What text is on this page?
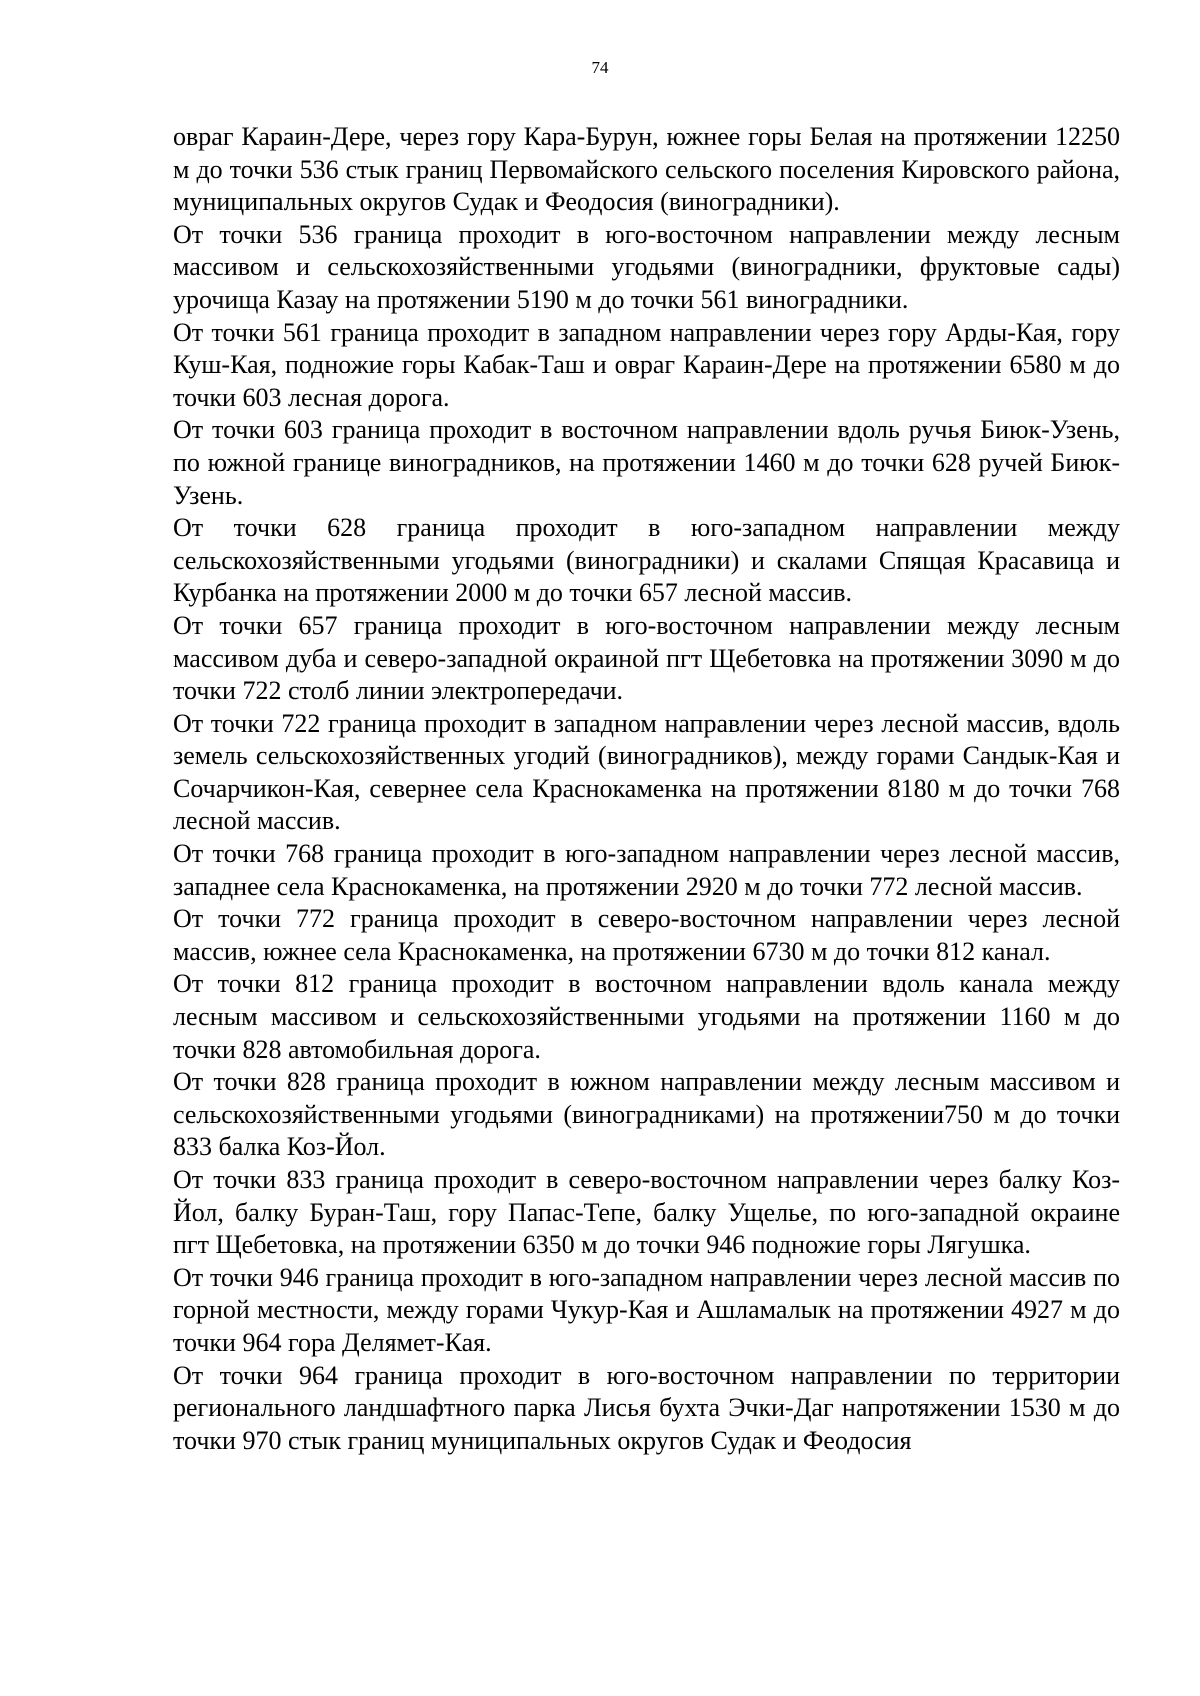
74

овраг Караин-Дере, через гору Кара-Бурун, южнее горы Белая на протяжении 12250 м до точки 536 стык границ Первомайского сельского поселения Кировского района, муниципальных округов Судак и Феодосия (виноградники).

От точки 536 граница проходит в юго-восточном направлении между лесным массивом и сельскохозяйственными угодьями (виноградники, фруктовые сады) урочища Казау на протяжении 5190 м до точки 561 виноградники.

От точки 561 граница проходит в западном направлении через гору Арды-Кая, гору Куш-Кая, подножие горы Кабак-Таш и овраг Караин-Дере на протяжении 6580 м до точки 603 лесная дорога.

От точки 603 граница проходит в восточном направлении вдоль ручья Биюк-Узень, по южной границе виноградников, на протяжении 1460 м до точки 628 ручей Биюк-Узень.

От точки 628 граница проходит в юго-западном направлении между сельскохозяйственными угодьями (виноградники) и скалами Спящая Красавица и Курбанка на протяжении 2000 м до точки 657 лесной массив.

От точки 657 граница проходит в юго-восточном направлении между лесным массивом дуба и северо-западной окраиной пгт Щебетовка на протяжении 3090 м до точки 722 столб линии электропередачи.

От точки 722 граница проходит в западном направлении через лесной массив, вдоль земель сельскохозяйственных угодий (виноградников), между горами Сандык-Кая и Сочарчикон-Кая, севернее села Краснокаменка на протяжении 8180 м до точки 768 лесной массив.

От точки 768 граница проходит в юго-западном направлении через лесной массив, западнее села Краснокаменка, на протяжении 2920 м до точки 772 лесной массив.

От точки 772 граница проходит в северо-восточном направлении через лесной массив, южнее села Краснокаменка, на протяжении 6730 м до точки 812 канал.

От точки 812 граница проходит в восточном направлении вдоль канала между лесным массивом и сельскохозяйственными угодьями на протяжении 1160 м до точки 828 автомобильная дорога.

От точки 828 граница проходит в южном направлении между лесным массивом и сельскохозяйственными угодьями (виноградниками) на протяжении750 м до точки 833 балка Коз-Йол.

От точки 833 граница проходит в северо-восточном направлении через балку Коз-Йол, балку Буран-Таш, гору Папас-Тепе, балку Ущелье, по юго-западной окраине пгт Щебетовка, на протяжении 6350 м до точки 946 подножие горы Лягушка.

От точки 946 граница проходит в юго-западном направлении через лесной массив по горной местности, между горами Чукур-Кая и Ашламалык на протяжении 4927 м до точки 964 гора Делямет-Кая.

От точки 964 граница проходит в юго-восточном направлении по территории регионального ландшафтного парка Лисья бухта Эчки-Даг напротяжении 1530 м до точки 970 стык границ муниципальных округов Судак и Феодосия
